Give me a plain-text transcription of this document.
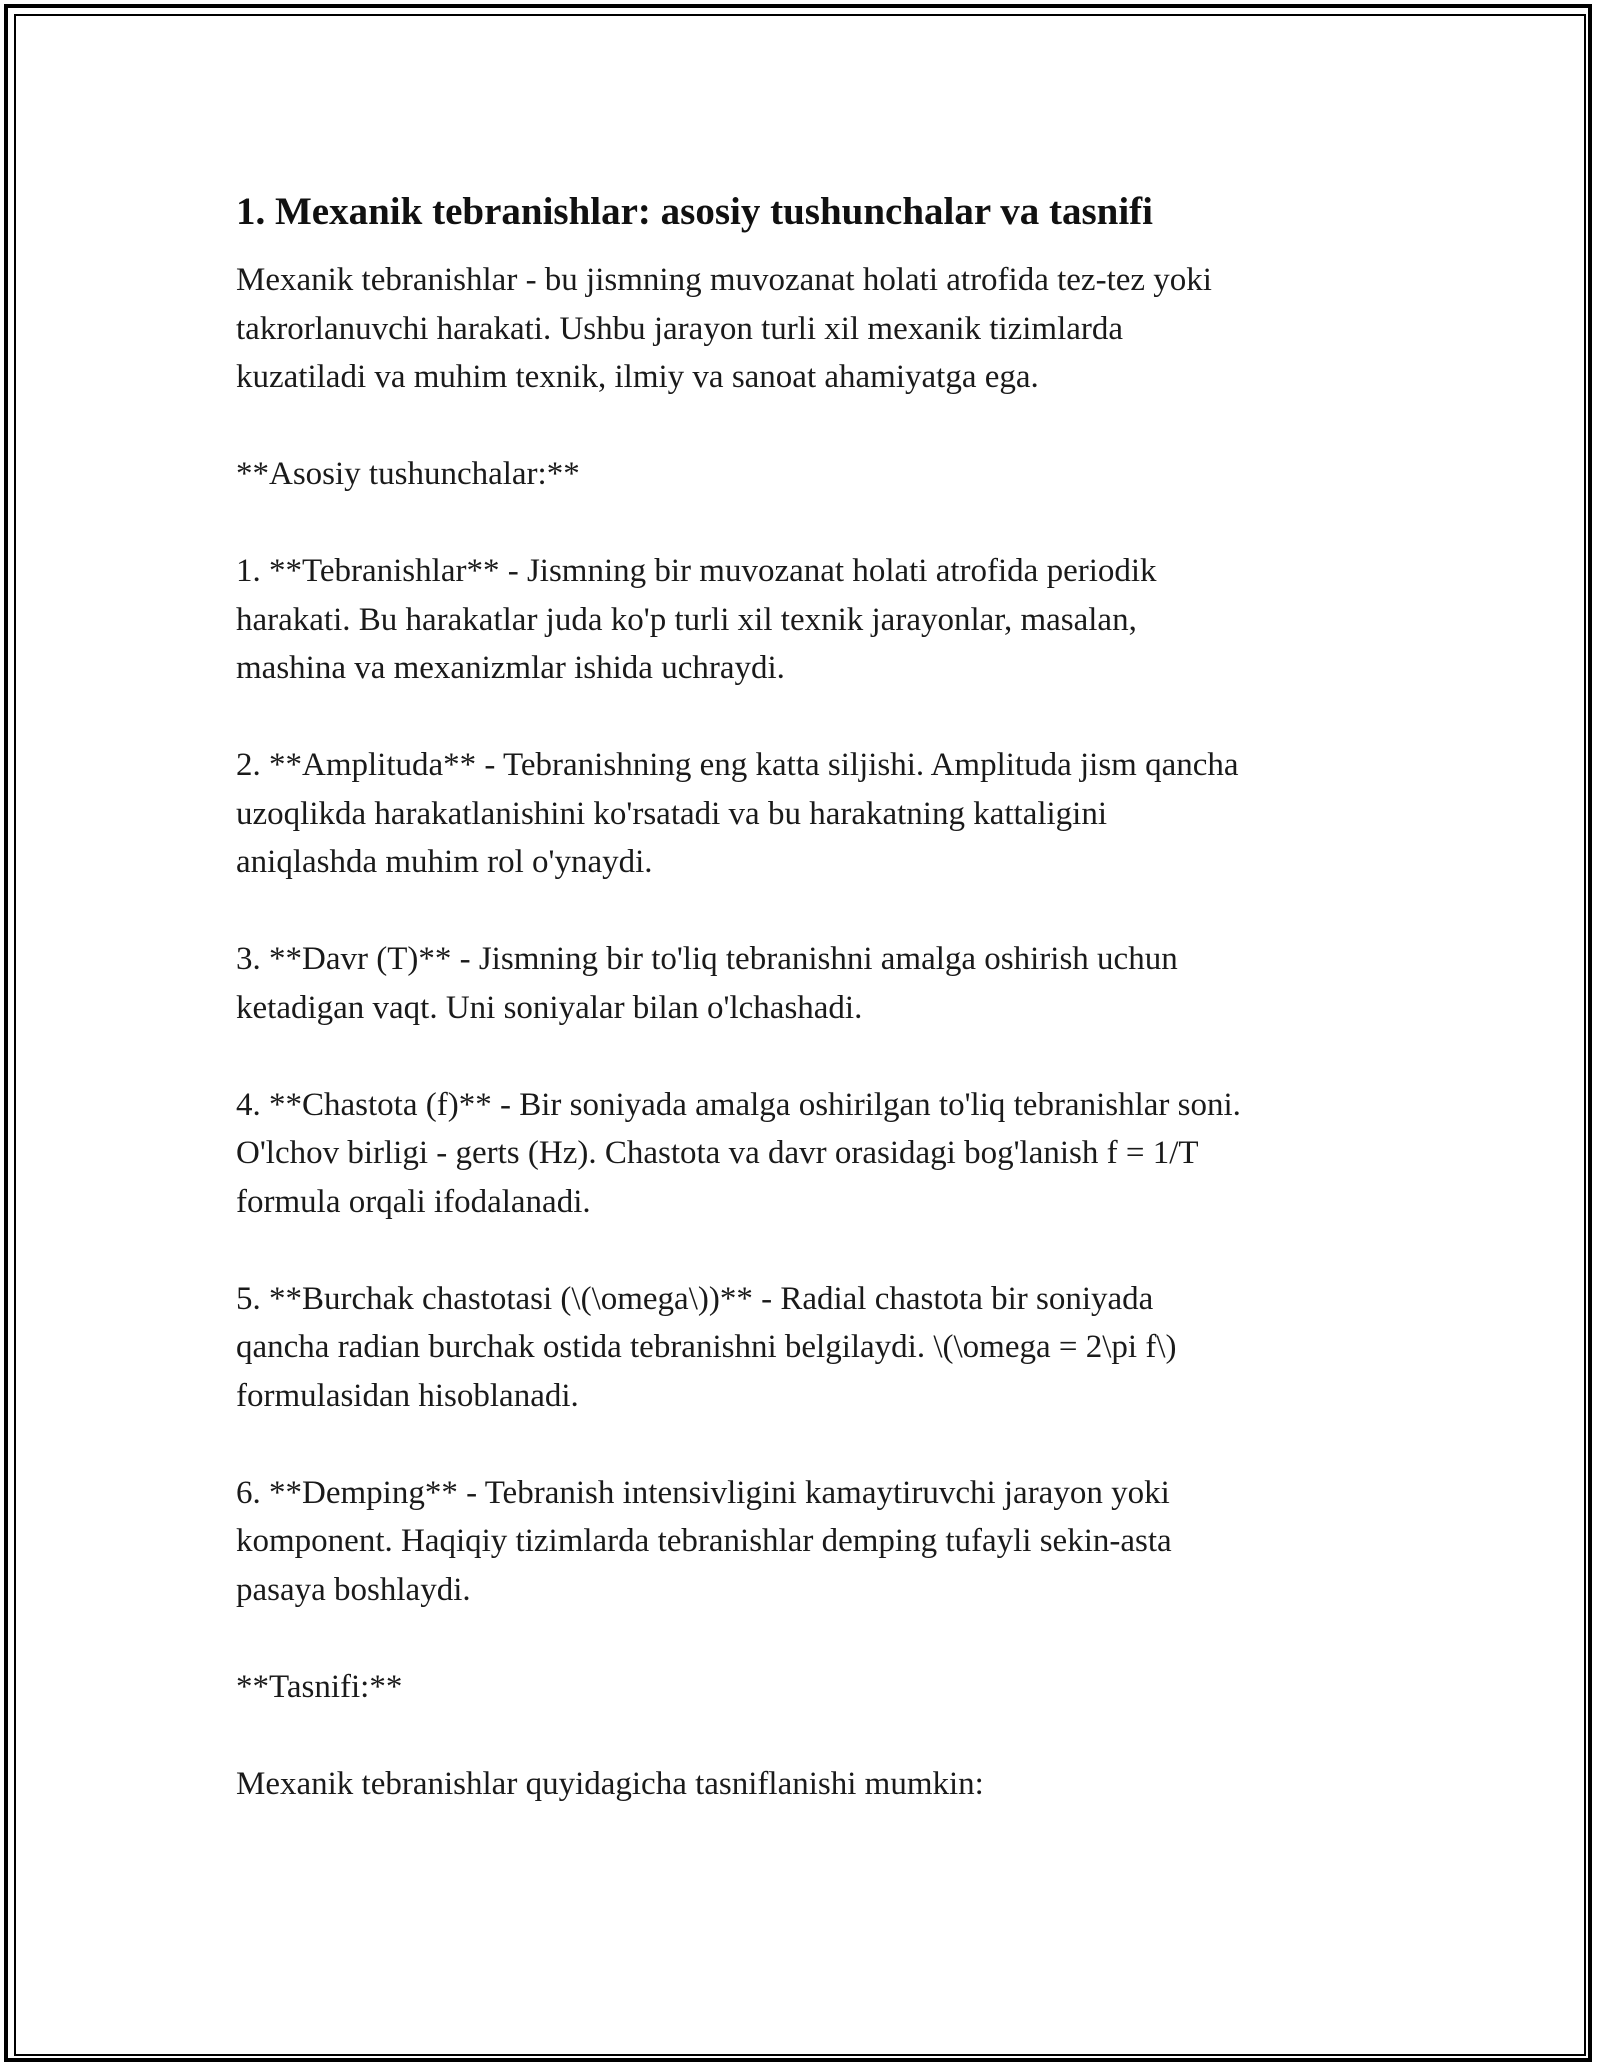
1. Mexanik tebranishlar: asosiy tushunchalar va tasnifi

Mexanik tebranishlar - bu jismning muvozanat holati atrofida tez-tez yoki
takrorlanuvchi harakati. Ushbu jarayon turli xil mexanik tizimlarda
kuzatiladi va muhim texnik, ilmiy va sanoat ahamiyatga ega.

**Asosiy tushunchalar:**

1. **Tebranishlar** - Jismning bir muvozanat holati atrofida periodik
harakati. Bu harakatlar juda ko'p turli xil texnik jarayonlar, masalan,
mashina va mexanizmlar ishida uchraydi.

2. **Amplituda** - Tebranishning eng katta siljishi. Amplituda jism qancha
uzoqlikda harakatlanishini ko'rsatadi va bu harakatning kattaligini
aniqlashda muhim rol o'ynaydi.

3. **Davr (T)** - Jismning bir to'liq tebranishni amalga oshirish uchun
ketadigan vaqt. Uni soniyalar bilan o'lchashadi.

4. **Chastota (f)** - Bir soniyada amalga oshirilgan to'liq tebranishlar soni.
O'lchov birligi - gerts (Hz). Chastota va davr orasidagi bog'lanish f = 1/T
formula orqali ifodalanadi.

5. **Burchak chastotasi (\(\omega\))** - Radial chastota bir soniyada
qancha radian burchak ostida tebranishni belgilaydi. \(\omega = 2\pi f\)
formulasidan hisoblanadi.

6. **Demping** - Tebranish intensivligini kamaytiruvchi jarayon yoki
komponent. Haqiqiy tizimlarda tebranishlar demping tufayli sekin-asta
pasaya boshlaydi.

**Tasnifi:**

Mexanik tebranishlar quyidagicha tasniflanishi mumkin:
